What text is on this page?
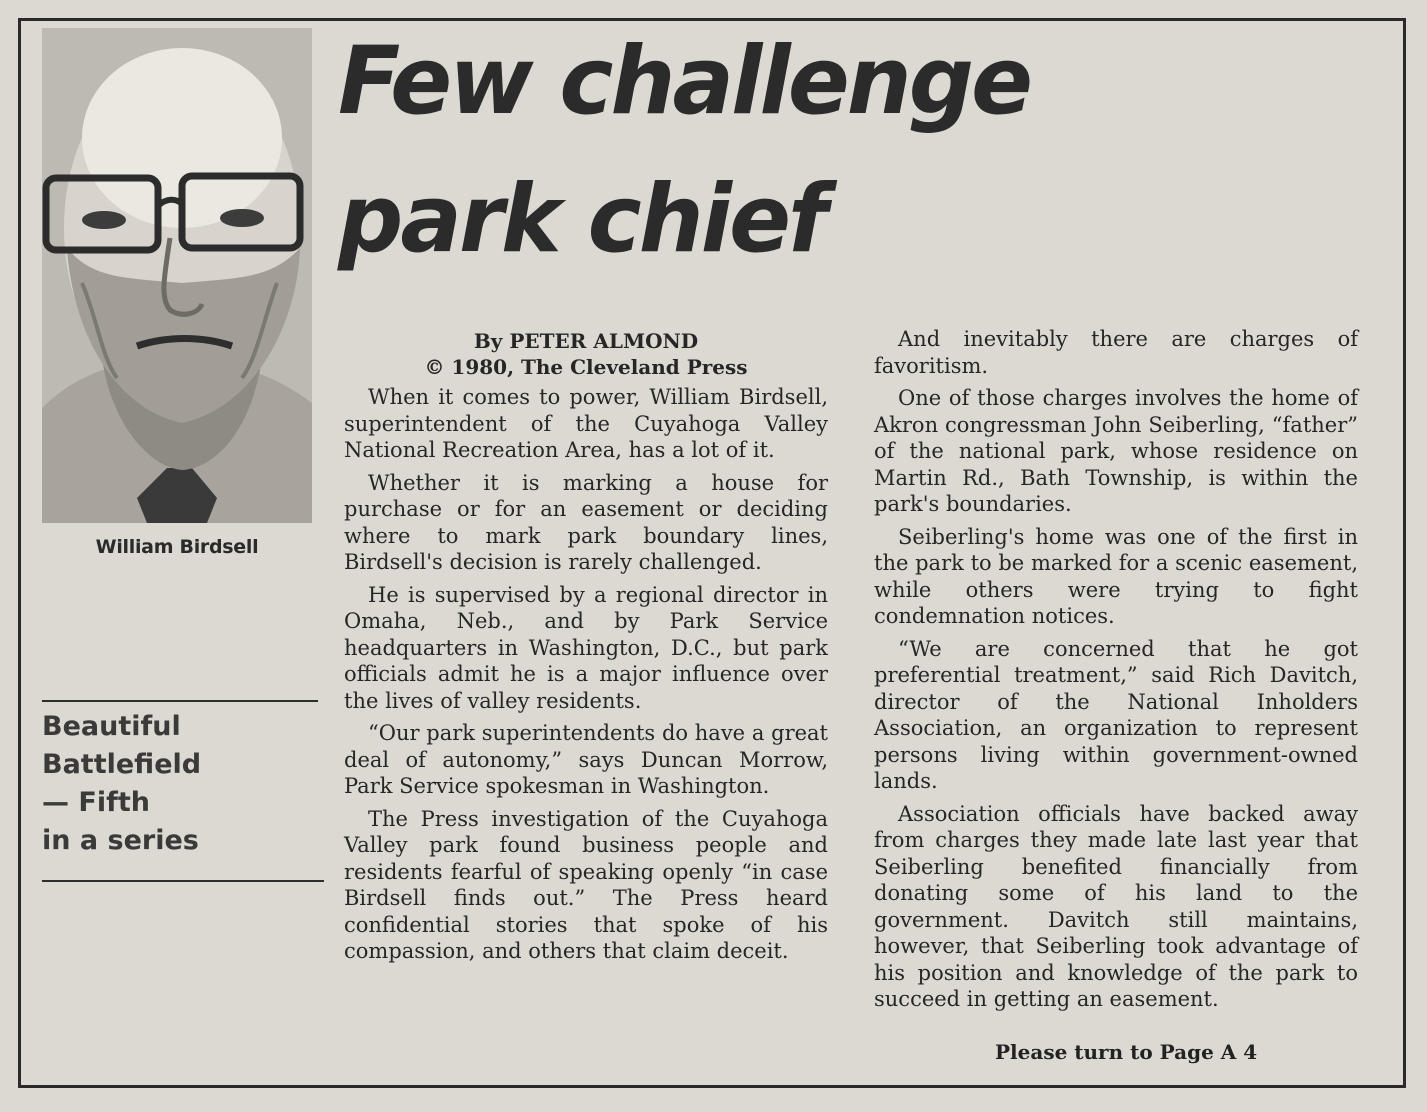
William Birdsell
Beautiful
Battlefield
— Fifth
in a series
Few challenge
park chief
By PETER ALMOND
© 1980, The Cleveland Press

When it comes to power, William Birdsell, superintendent of the Cuyahoga Valley National Recreation Area, has a lot of it.

Whether it is marking a house for purchase or for an easement or deciding where to mark park boundary lines, Birdsell's decision is rarely challenged.

He is supervised by a regional director in Omaha, Neb., and by Park Service headquarters in Washington, D.C., but park officials admit he is a major influence over the lives of valley residents.

“Our park superintendents do have a great deal of autonomy,” says Duncan Morrow, Park Service spokesman in Washington.

The Press investigation of the Cuyahoga Valley park found business people and residents fearful of speaking openly “in case Birdsell finds out.” The Press heard confidential stories that spoke of his compassion, and others that claim deceit.

And inevitably there are charges of favoritism.

One of those charges involves the home of Akron congressman John Seiberling, “father” of the national park, whose residence on Martin Rd., Bath Township, is within the park's boundaries.

Seiberling's home was one of the first in the park to be marked for a scenic easement, while others were trying to fight condemnation notices.

“We are concerned that he got preferential treatment,” said Rich Davitch, director of the National Inholders Association, an organization to represent persons living within government-owned lands.

Association officials have backed away from charges they made late last year that Seiberling benefited financially from donating some of his land to the government. Davitch still maintains, however, that Seiberling took advantage of his position and knowledge of the park to succeed in getting an easement.

Please turn to Page A 4
